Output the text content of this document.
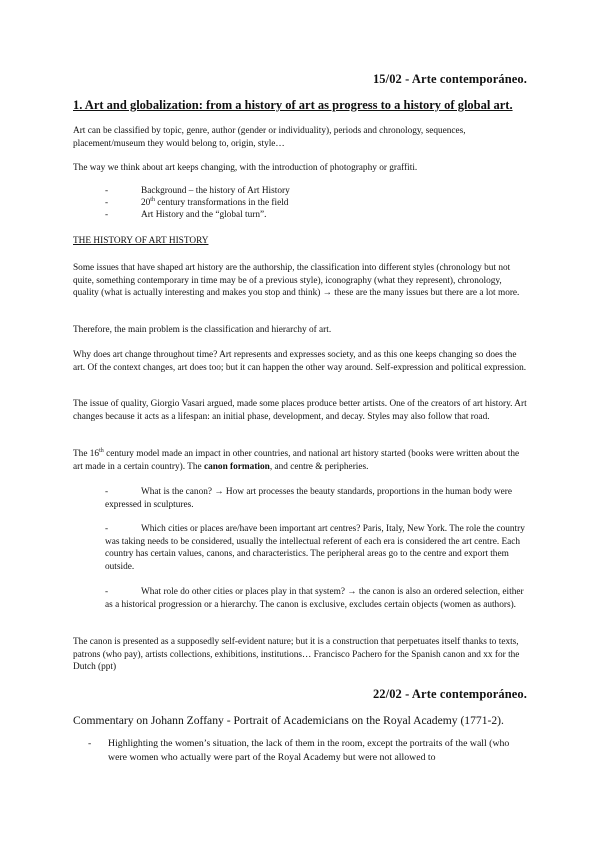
15/02 - Arte contemporáneo.
1. Art and globalization: from a history of art as progress to a history of global art.
Art can be classified by topic, genre, author (gender or individuality), periods and chronology, sequences, placement/museum they would belong to, origin, style…
The way we think about art keeps changing, with the introduction of photography or graffiti.
-	Background – the history of Art History
-	20th century transformations in the field
-	Art History and the “global turn”.
THE HISTORY OF ART HISTORY
Some issues that have shaped art history are the authorship, the classification into different styles (chronology but not quite, something contemporary in time may be of a previous style), iconography (what they represent), chronology, quality (what is actually interesting and makes you stop and think) → these are the many issues but there are a lot more.
Therefore, the main problem is the classification and hierarchy of art.
Why does art change throughout time? Art represents and expresses society, and as this one keeps changing so does the art. Of the context changes, art does too; but it can happen the other way around. Self-expression and political expression.
The issue of quality, Giorgio Vasari argued, made some places produce better artists. One of the creators of art history. Art changes because it acts as a lifespan: an initial phase, development, and decay. Styles may also follow that road.
The 16th century model made an impact in other countries, and national art history started (books were written about the art made in a certain country). The canon formation, and centre & peripheries.
-	What is the canon? → How art processes the beauty standards, proportions in the human body were expressed in sculptures.
-	Which cities or places are/have been important art centres? Paris, Italy, New York. The role the country was taking needs to be considered, usually the intellectual referent of each era is considered the art centre. Each country has certain values, canons, and characteristics. The peripheral areas go to the centre and export them outside.
-	What role do other cities or places play in that system? → the canon is also an ordered selection, either as a historical progression or a hierarchy. The canon is exclusive, excludes certain objects (women as authors).
The canon is presented as a supposedly self-evident nature; but it is a construction that perpetuates itself thanks to texts, patrons (who pay), artists collections, exhibitions, institutions… Francisco Pachero for the Spanish canon and xx for the Dutch (ppt)
22/02 - Arte contemporáneo.
Commentary on Johann Zoffany - Portrait of Academicians on the Royal Academy (1771-2).
- Highlighting the women’s situation, the lack of them in the room, except the portraits of the wall (who were women who actually were part of the Royal Academy but were not allowed to
